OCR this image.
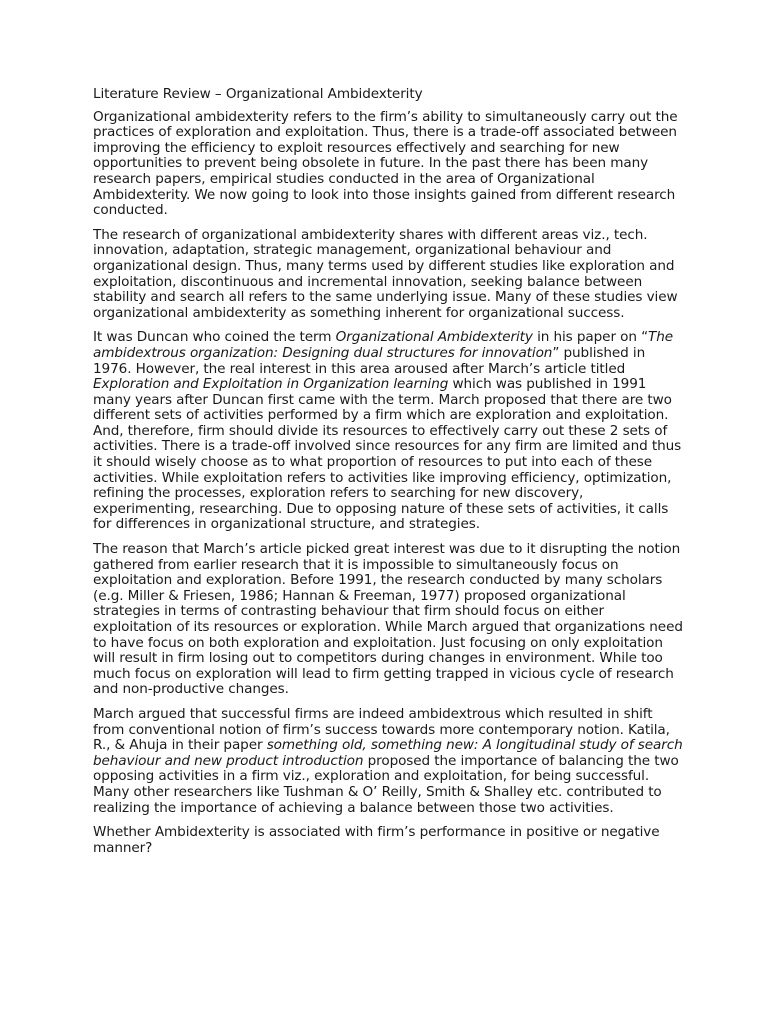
Literature Review – Organizational Ambidexterity

Organizational ambidexterity refers to the firm’s ability to simultaneously carry out the practices of exploration and exploitation. Thus, there is a trade-off associated between improving the efficiency to exploit resources effectively and searching for new opportunities to prevent being obsolete in future. In the past there has been many research papers, empirical studies conducted in the area of Organizational Ambidexterity. We now going to look into those insights gained from different research conducted.

The research of organizational ambidexterity shares with different areas viz., tech. innovation, adaptation, strategic management, organizational behaviour and organizational design. Thus, many terms used by different studies like exploration and exploitation, discontinuous and incremental innovation, seeking balance between stability and search all refers to the same underlying issue. Many of these studies view organizational ambidexterity as something inherent for organizational success.

It was Duncan who coined the term Organizational Ambidexterity in his paper on “The ambidextrous organization: Designing dual structures for innovation” published in 1976. However, the real interest in this area aroused after March’s article titled Exploration and Exploitation in Organization learning which was published in 1991 many years after Duncan first came with the term. March proposed that there are two different sets of activities performed by a firm which are exploration and exploitation. And, therefore, firm should divide its resources to effectively carry out these 2 sets of activities. There is a trade-off involved since resources for any firm are limited and thus it should wisely choose as to what proportion of resources to put into each of these activities. While exploitation refers to activities like improving efficiency, optimization, refining the processes, exploration refers to searching for new discovery, experimenting, researching. Due to opposing nature of these sets of activities, it calls for differences in organizational structure, and strategies.

The reason that March’s article picked great interest was due to it disrupting the notion gathered from earlier research that it is impossible to simultaneously focus on exploitation and exploration. Before 1991, the research conducted by many scholars (e.g. Miller & Friesen, 1986; Hannan & Freeman, 1977) proposed organizational strategies in terms of contrasting behaviour that firm should focus on either exploitation of its resources or exploration. While March argued that organizations need to have focus on both exploration and exploitation. Just focusing on only exploitation will result in firm losing out to competitors during changes in environment. While too much focus on exploration will lead to firm getting trapped in vicious cycle of research and non-productive changes.

March argued that successful firms are indeed ambidextrous which resulted in shift from conventional notion of firm’s success towards more contemporary notion. Katila, R., & Ahuja in their paper something old, something new: A longitudinal study of search behaviour and new product introduction proposed the importance of balancing the two opposing activities in a firm viz., exploration and exploitation, for being successful. Many other researchers like Tushman & O’ Reilly, Smith & Shalley etc. contributed to realizing the importance of achieving a balance between those two activities.

Whether Ambidexterity is associated with firm’s performance in positive or negative manner?
